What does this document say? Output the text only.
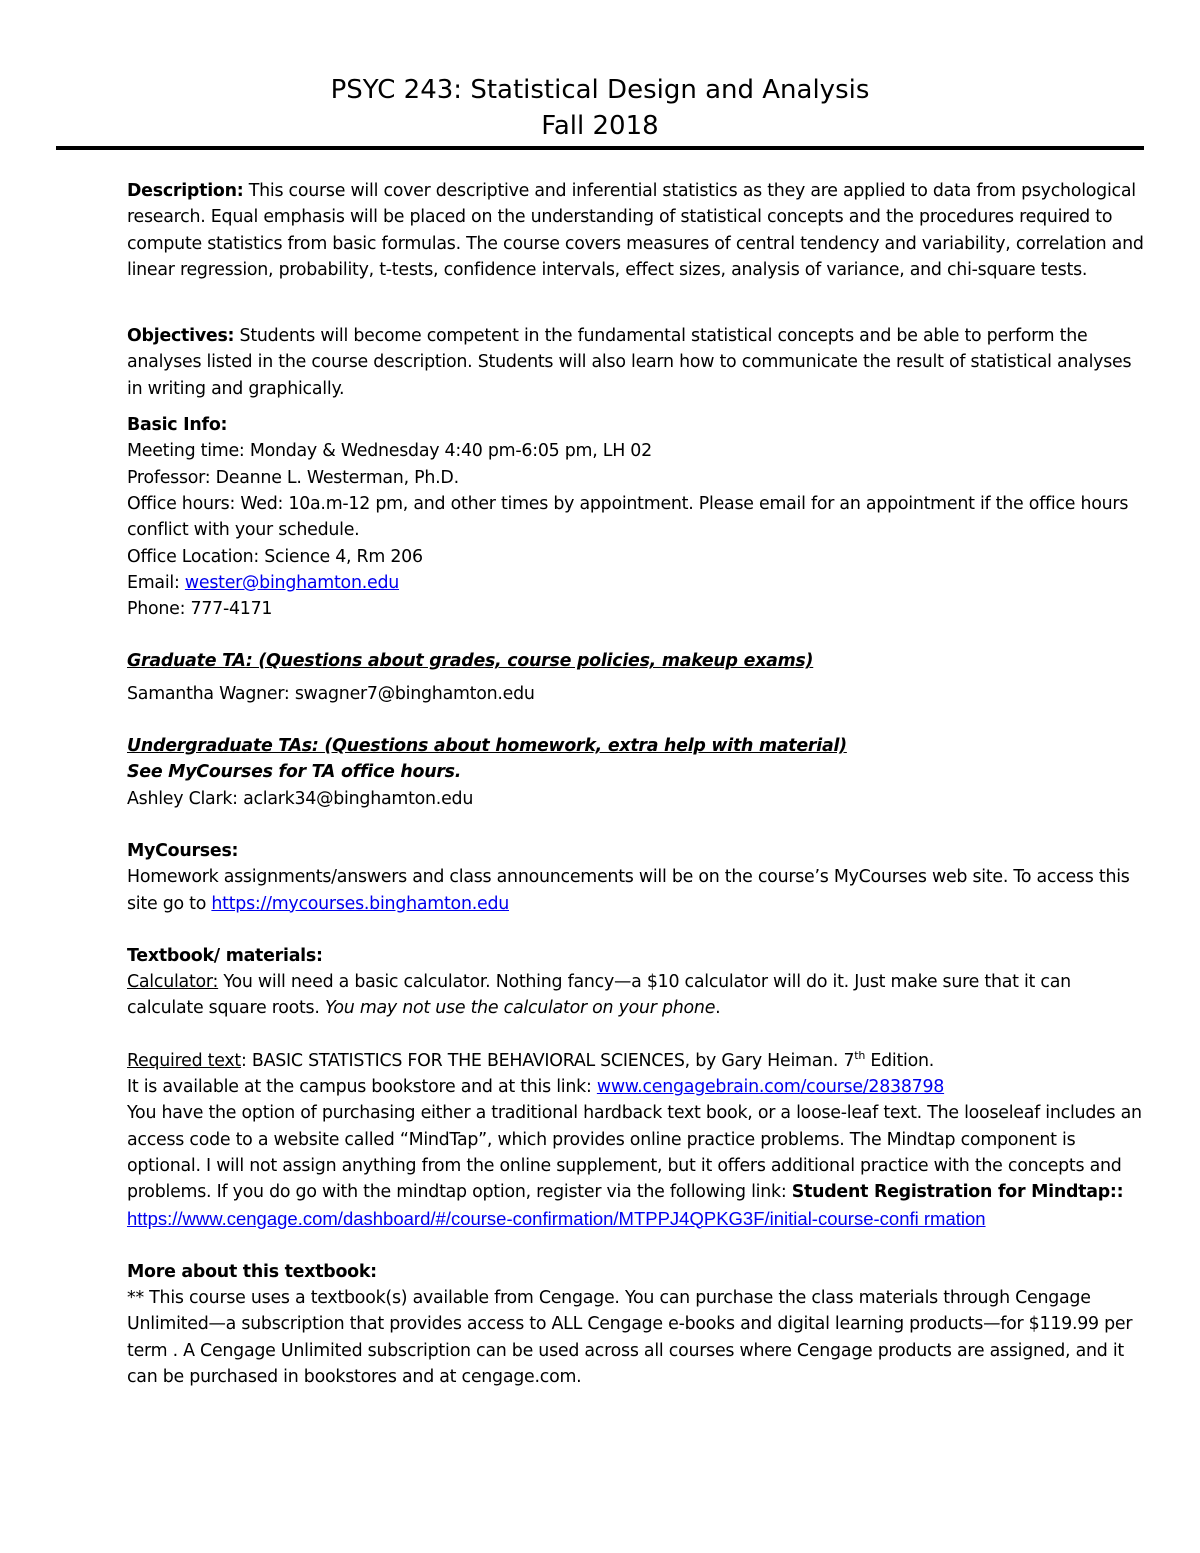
PSYC 243: Statistical Design and Analysis
Fall 2018

Description: This course will cover descriptive and inferential statistics as they are applied to data from psychological research. Equal emphasis will be placed on the understanding of statistical concepts and the procedures required to compute statistics from basic formulas. The course covers measures of central tendency and variability, correlation and linear regression, probability, t-tests, confidence intervals, effect sizes, analysis of variance, and chi-square tests.

Objectives: Students will become competent in the fundamental statistical concepts and be able to perform the analyses listed in the course description. Students will also learn how to communicate the result of statistical analyses in writing and graphically.

Basic Info:

Meeting time: Monday & Wednesday 4:40 pm-6:05 pm, LH 02

Professor: Deanne L. Westerman, Ph.D.

Office hours: Wed: 10a.m-12 pm, and other times by appointment. Please email for an appointment if the office hours conflict with your schedule.

Office Location: Science 4, Rm 206

Email: wester@binghamton.edu

Phone: 777-4171

Graduate TA: (Questions about grades, course policies, makeup exams)

Samantha Wagner: swagner7@binghamton.edu

Undergraduate TAs: (Questions about homework, extra help with material)

See MyCourses for TA office hours.

Ashley Clark: aclark34@binghamton.edu

MyCourses:

Homework assignments/answers and class announcements will be on the course’s MyCourses web site. To access this site go to https://mycourses.binghamton.edu

Textbook/ materials:

Calculator: You will need a basic calculator. Nothing fancy—a $10 calculator will do it. Just make sure that it can calculate square roots. You may not use the calculator on your phone.

Required text: BASIC STATISTICS FOR THE BEHAVIORAL SCIENCES, by Gary Heiman. 7th Edition.

It is available at the campus bookstore and at this link: www.cengagebrain.com/course/2838798

You have the option of purchasing either a traditional hardback text book, or a loose-leaf text. The looseleaf includes an access code to a website called “MindTap”, which provides online practice problems. The Mindtap component is optional. I will not assign anything from the online supplement, but it offers additional practice with the concepts and problems. If you do go with the mindtap option, register via the following link: Student Registration for Mindtap:: https://www.cengage.com/dashboard/#/course-confirmation/MTPPJ4QPKG3F/initial-course-confi rmation

More about this textbook:

** This course uses a textbook(s) available from Cengage. You can purchase the class materials through Cengage Unlimited—a subscription that provides access to ALL Cengage e-books and digital learning products—for $119.99 per term . A Cengage Unlimited subscription can be used across all courses where Cengage products are assigned, and it can be purchased in bookstores and at cengage.com.
